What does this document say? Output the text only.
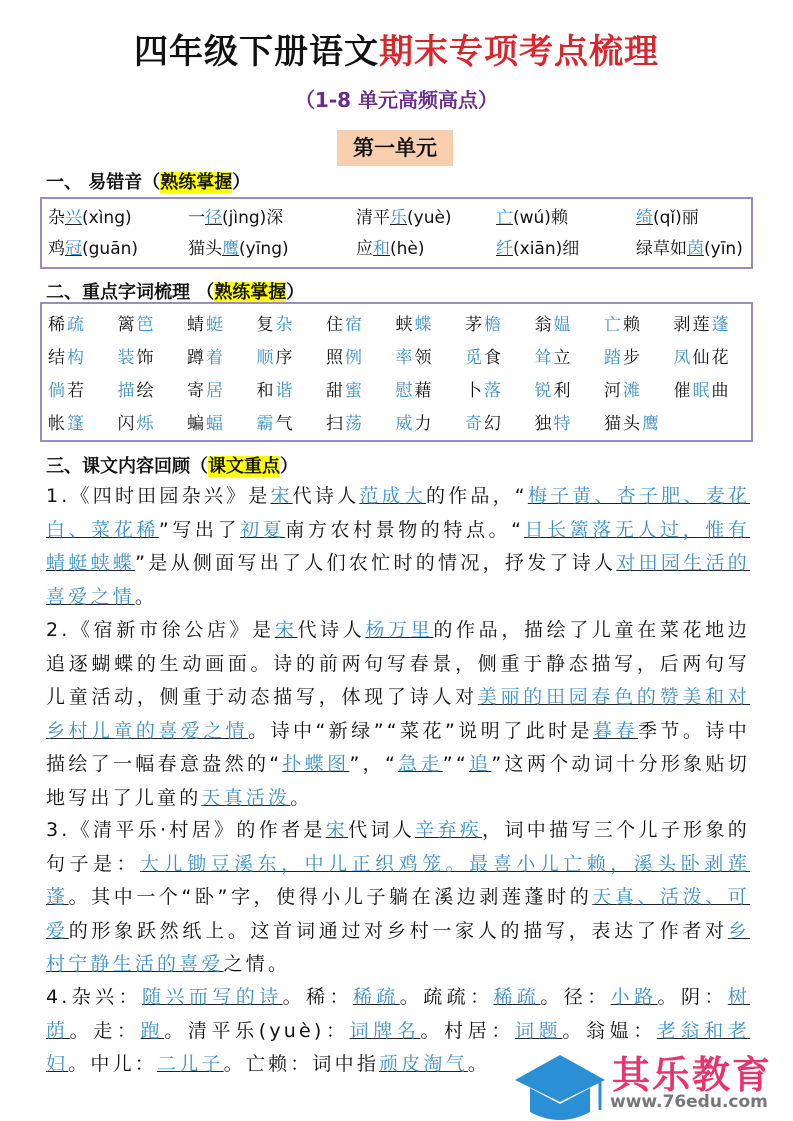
四年级下册语文期末专项考点梳理
（1-8 单元高频高点）
第一单元
一、 易错音（熟练掌握）
杂兴(xìng)	一径(jìng)深	清平乐(yuè)	亡(wú)赖	绮(qǐ)丽
鸡冠(guān)	猫头鹰(yīng)	应和(hè)	纤(xiān)细	绿草如茵(yīn)
二、重点字词梳理 （熟练掌握）
稀疏	篱笆	蜻蜓	复杂	住宿	蛱蝶	茅檐	翁媪	亡赖	剥莲蓬
结构	装饰	蹲着	顺序	照例	率领	觅食	耸立	踏步	凤仙花
倘若	描绘	寄居	和谐	甜蜜	慰藉	卜落	锐利	河滩	催眠曲
帐篷	闪烁	蝙蝠	霸气	扫荡	威力	奇幻	独特	猫头鹰
三、课文内容回顾（课文重点）
1.《四时田园杂兴》是宋代诗人范成大的作品，“梅子黄、杏子肥、麦花白、菜花稀”写出了初夏南方农村景物的特点。“日长篱落无人过，惟有蜻蜓蛱蝶”是从侧面写出了人们农忙时的情况，抒发了诗人对田园生活的喜爱之情。
2.《宿新市徐公店》是宋代诗人杨万里的作品，描绘了儿童在菜花地边追逐蝴蝶的生动画面。诗的前两句写春景，侧重于静态描写，后两句写儿童活动，侧重于动态描写，体现了诗人对美丽的田园春色的赞美和对乡村儿童的喜爱之情。诗中“新绿”“菜花”说明了此时是暮春季节。诗中描绘了一幅春意盎然的“扑蝶图”，“急走”“追”这两个动词十分形象贴切地写出了儿童的天真活泼。
3.《清平乐·村居》的作者是宋代词人辛弃疾，词中描写三个儿子形象的句子是：大儿锄豆溪东，中儿正织鸡笼。最喜小儿亡赖，溪头卧剥莲蓬。其中一个“卧”字，使得小儿子躺在溪边剥莲蓬时的天真、活泼、可爱的形象跃然纸上。这首词通过对乡村一家人的描写，表达了作者对乡村宁静生活的喜爱之情。
4.杂兴：随兴而写的诗。稀：稀疏。疏疏：稀疏。径：小路。阴：树荫。走：跑。清平乐(yuè)：词牌名。村居：词题。翁媪：老翁和老妇。中儿：二儿子。亡赖：词中指顽皮淘气。	其乐教育
www.76edu.com
